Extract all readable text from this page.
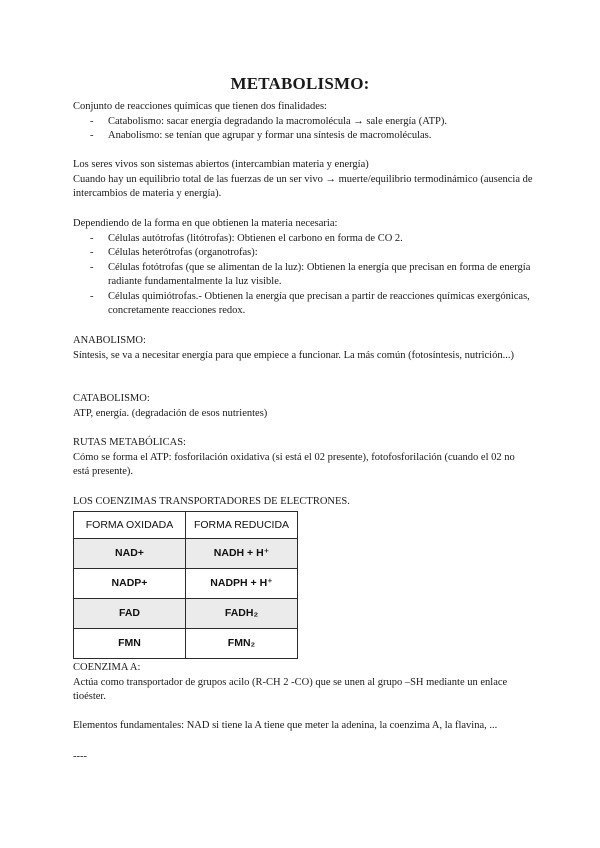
METABOLISMO:

Conjunto de reacciones químicas que tienen dos finalidades:

- Catabolismo: sacar energía degradando la macromolécula → sale energía (ATP).
- Anabolismo: se tenían que agrupar y formar una síntesis de macromoléculas.

Los seres vivos son sistemas abiertos (intercambian materia y energía)

Cuando hay un equilibrio total de las fuerzas de un ser vivo → muerte/equilibrio termodinámico (ausencia de intercambios de materia y energía).

Dependiendo de la forma en que obtienen la materia necesaria:

- Células autótrofas (litótrofas): Obtienen el carbono en forma de CO 2.
- Células heterótrofas (organotrofas):
- Células fotótrofas (que se alimentan de la luz): Obtienen la energía que precisan en forma de energía radiante fundamentalmente la luz visible.
- Células quimiótrofas.- Obtienen la energía que precisan a partir de reacciones químicas exergónicas, concretamente reacciones redox.

ANABOLISMO:

Síntesis, se va a necesitar energía para que empiece a funcionar. La más común (fotosíntesis, nutrición...)

CATABOLISMO:

ATP, energía. (degradación de esos nutrientes)

RUTAS METABÓLICAS:

Cómo se forma el ATP: fosforilación oxidativa (si está el 02 presente), fotofosforilación (cuando el 02 no está presente).

LOS COENZIMAS TRANSPORTADORES DE ELECTRONES.

FORMA OXIDADA	FORMA REDUCIDA
NAD+	NADH + H⁺
NADP+	NADPH + H⁺
FAD	FADH₂
FMN	FMN₂

COENZIMA A:

Actúa como transportador de grupos acilo (R-CH 2 -CO) que se unen al grupo –SH mediante un enlace tioéster.

Elementos fundamentales: NAD si tiene la A tiene que meter la adenina, la coenzima A, la flavina, ...

----
